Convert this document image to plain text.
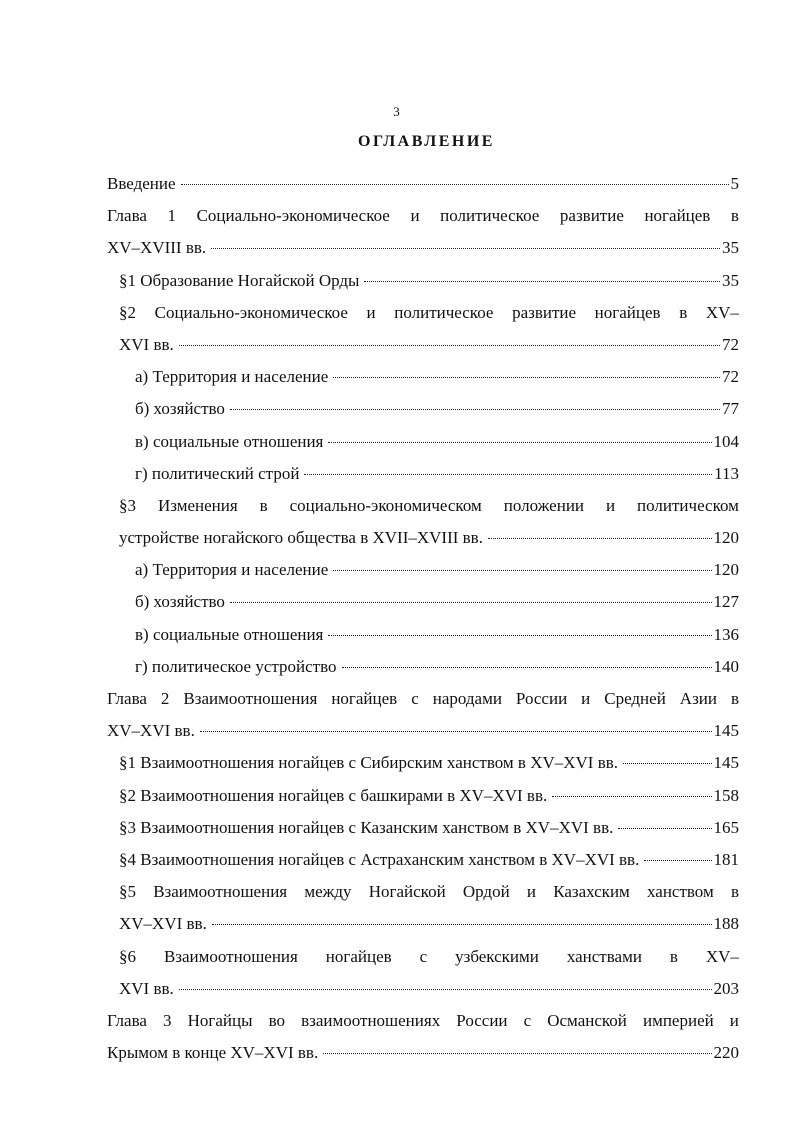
3
ОГЛАВЛЕНИЕ
Введение	5
Глава 1 Социально-экономическое и политическое развитие ногайцев в
XV–XVIII вв.	35
§1 Образование Ногайской Орды	35
§2 Социально-экономическое и политическое развитие ногайцев в XV–
XVI вв.	72
а) Территория и население	72
б) хозяйство	77
в) социальные отношения	104
г) политический строй	113
§3 Изменения в социально-экономическом положении и политическом
устройстве ногайского общества в XVII–XVIII вв.	120
а) Территория и население	120
б) хозяйство	127
в) социальные отношения	136
г) политическое устройство	140
Глава 2 Взаимоотношения ногайцев с народами России и Средней Азии в
XV–XVI вв.	145
§1 Взаимоотношения ногайцев с Сибирским ханством в XV–XVI вв.	145
§2 Взаимоотношения ногайцев с башкирами в XV–XVI вв.	158
§3 Взаимоотношения ногайцев с Казанским ханством в XV–XVI вв.	165
§4 Взаимоотношения ногайцев с Астраханским ханством в XV–XVI вв.	181
§5 Взаимоотношения между Ногайской Ордой и Казахским ханством в
XV–XVI вв.	188
§6 Взаимоотношения ногайцев с узбекскими ханствами в XV–
XVI вв.	203
Глава 3 Ногайцы во взаимоотношениях России с Османской империей и
Крымом в конце XV–XVI вв.	220
